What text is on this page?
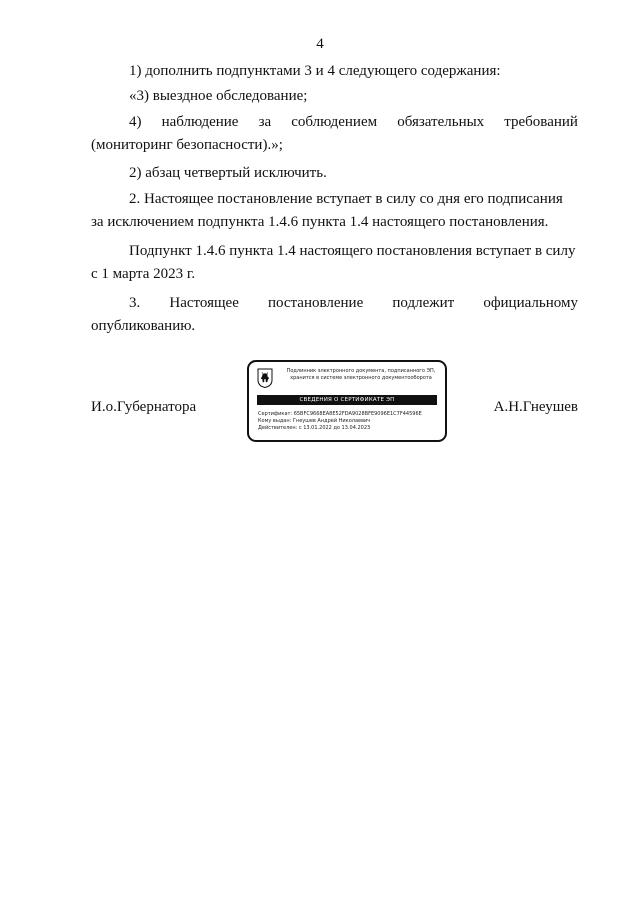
4

1) дополнить подпунктами 3 и 4 следующего содержания:

«3) выездное обследование;

4) наблюдение за соблюдением обязательных требований
(мониторинг безопасности).»;

2) абзац четвертый исключить.

2. Настоящее постановление вступает в силу со дня его подписания
за исключением подпункта 1.4.6 пункта 1.4 настоящего постановления.
Подпункт 1.4.6 пункта 1.4 настоящего постановления вступает в силу
с 1 марта 2023 г.
3. Настоящее постановление подлежит официальному
опубликованию.
И.о.Губернатора	А.Н.Гнеушев
Подлинник электронного документа, подписанного ЭП, хранится в системе электронного документооборота
СВЕДЕНИЯ О СЕРТИФИКАТЕ ЭП
Сертификат: 65BFC9668EA8E52FDA9028BFE9096E1C7F44596E
Кому выдан: Гнеушев Андрей Николаевич
Действителен: с 13.01.2022 до 13.04.2023
